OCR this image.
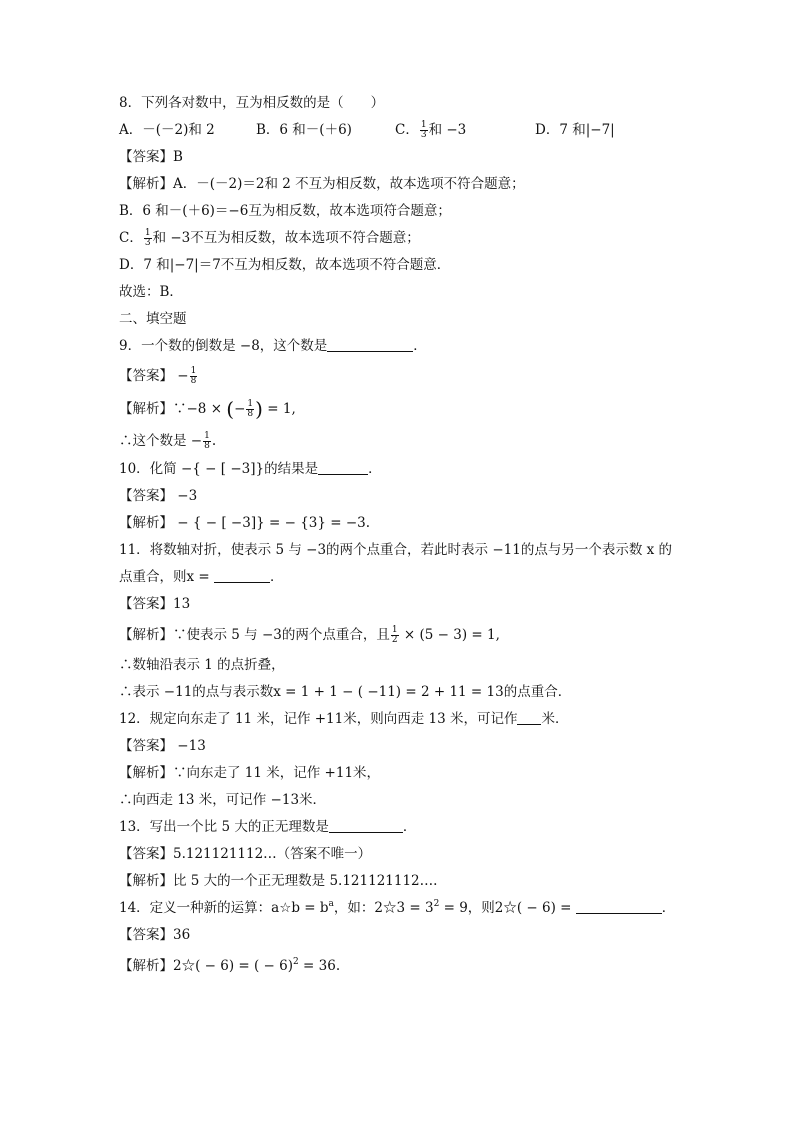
8．下列各对数中，互为相反数的是（　　）
A．－(－2)和 2	B．6 和－(＋6)	C． $\frac{1}{3}$ 和 −3	D．7 和|−7|
【答案】B
【解析】A．－(－2)＝2和 2 不互为相反数，故本选项不符合题意；
B．6 和－(＋6)＝−6互为相反数，故本选项符合题意；
C． $\frac{1}{3}$ 和 −3不互为相反数，故本选项不符合题意；
D．7 和|−7|＝7不互为相反数，故本选项不符合题意．
故选：B．
二、填空题
9．一个数的倒数是 −8，这个数是	．
【答案】 − $\frac{1}{8}$
【解析】∵−8 × (− $\frac{1}{8}$ ) = 1,
∴这个数是 − $\frac{1}{8}$ .
10．化简 −{ − [ −3]}的结果是	．
【答案】 −3
【解析】 − { − [ −3]} = − {3} = −3.
11．将数轴对折，使表示 5 与 −3的两个点重合，若此时表示 −11的点与另一个表示数 x 的
点重合，则x =	．
【答案】13
【解析】∵使表示 5 与 −3的两个点重合，且 $\frac{1}{2} \times (5 - 3) = 1$,
∴数轴沿表示 1 的点折叠，
∴表示 −11的点与表示数x = 1 + 1 − ( −11) = 2 + 11 = 13的点重合．
12．规定向东走了 11 米，记作 +11米，则向西走 13 米，可记作 米．
【答案】 −13
【解析】∵向东走了 11 米，记作 +11米，
∴向西走 13 米，可记作 −13米．
13．写出一个比 5 大的正无理数是	．
【答案】5.121121112…（答案不唯一）
【解析】比 5 大的一个正无理数是 5.121121112….
14．定义一种新的运算：a☆b = $b^a$，如：2☆3 = $3^2 = 9$，则2☆( − 6) =	．
【答案】36
【解析】2☆( − 6) = ( − 6)$^2$ = 36.
